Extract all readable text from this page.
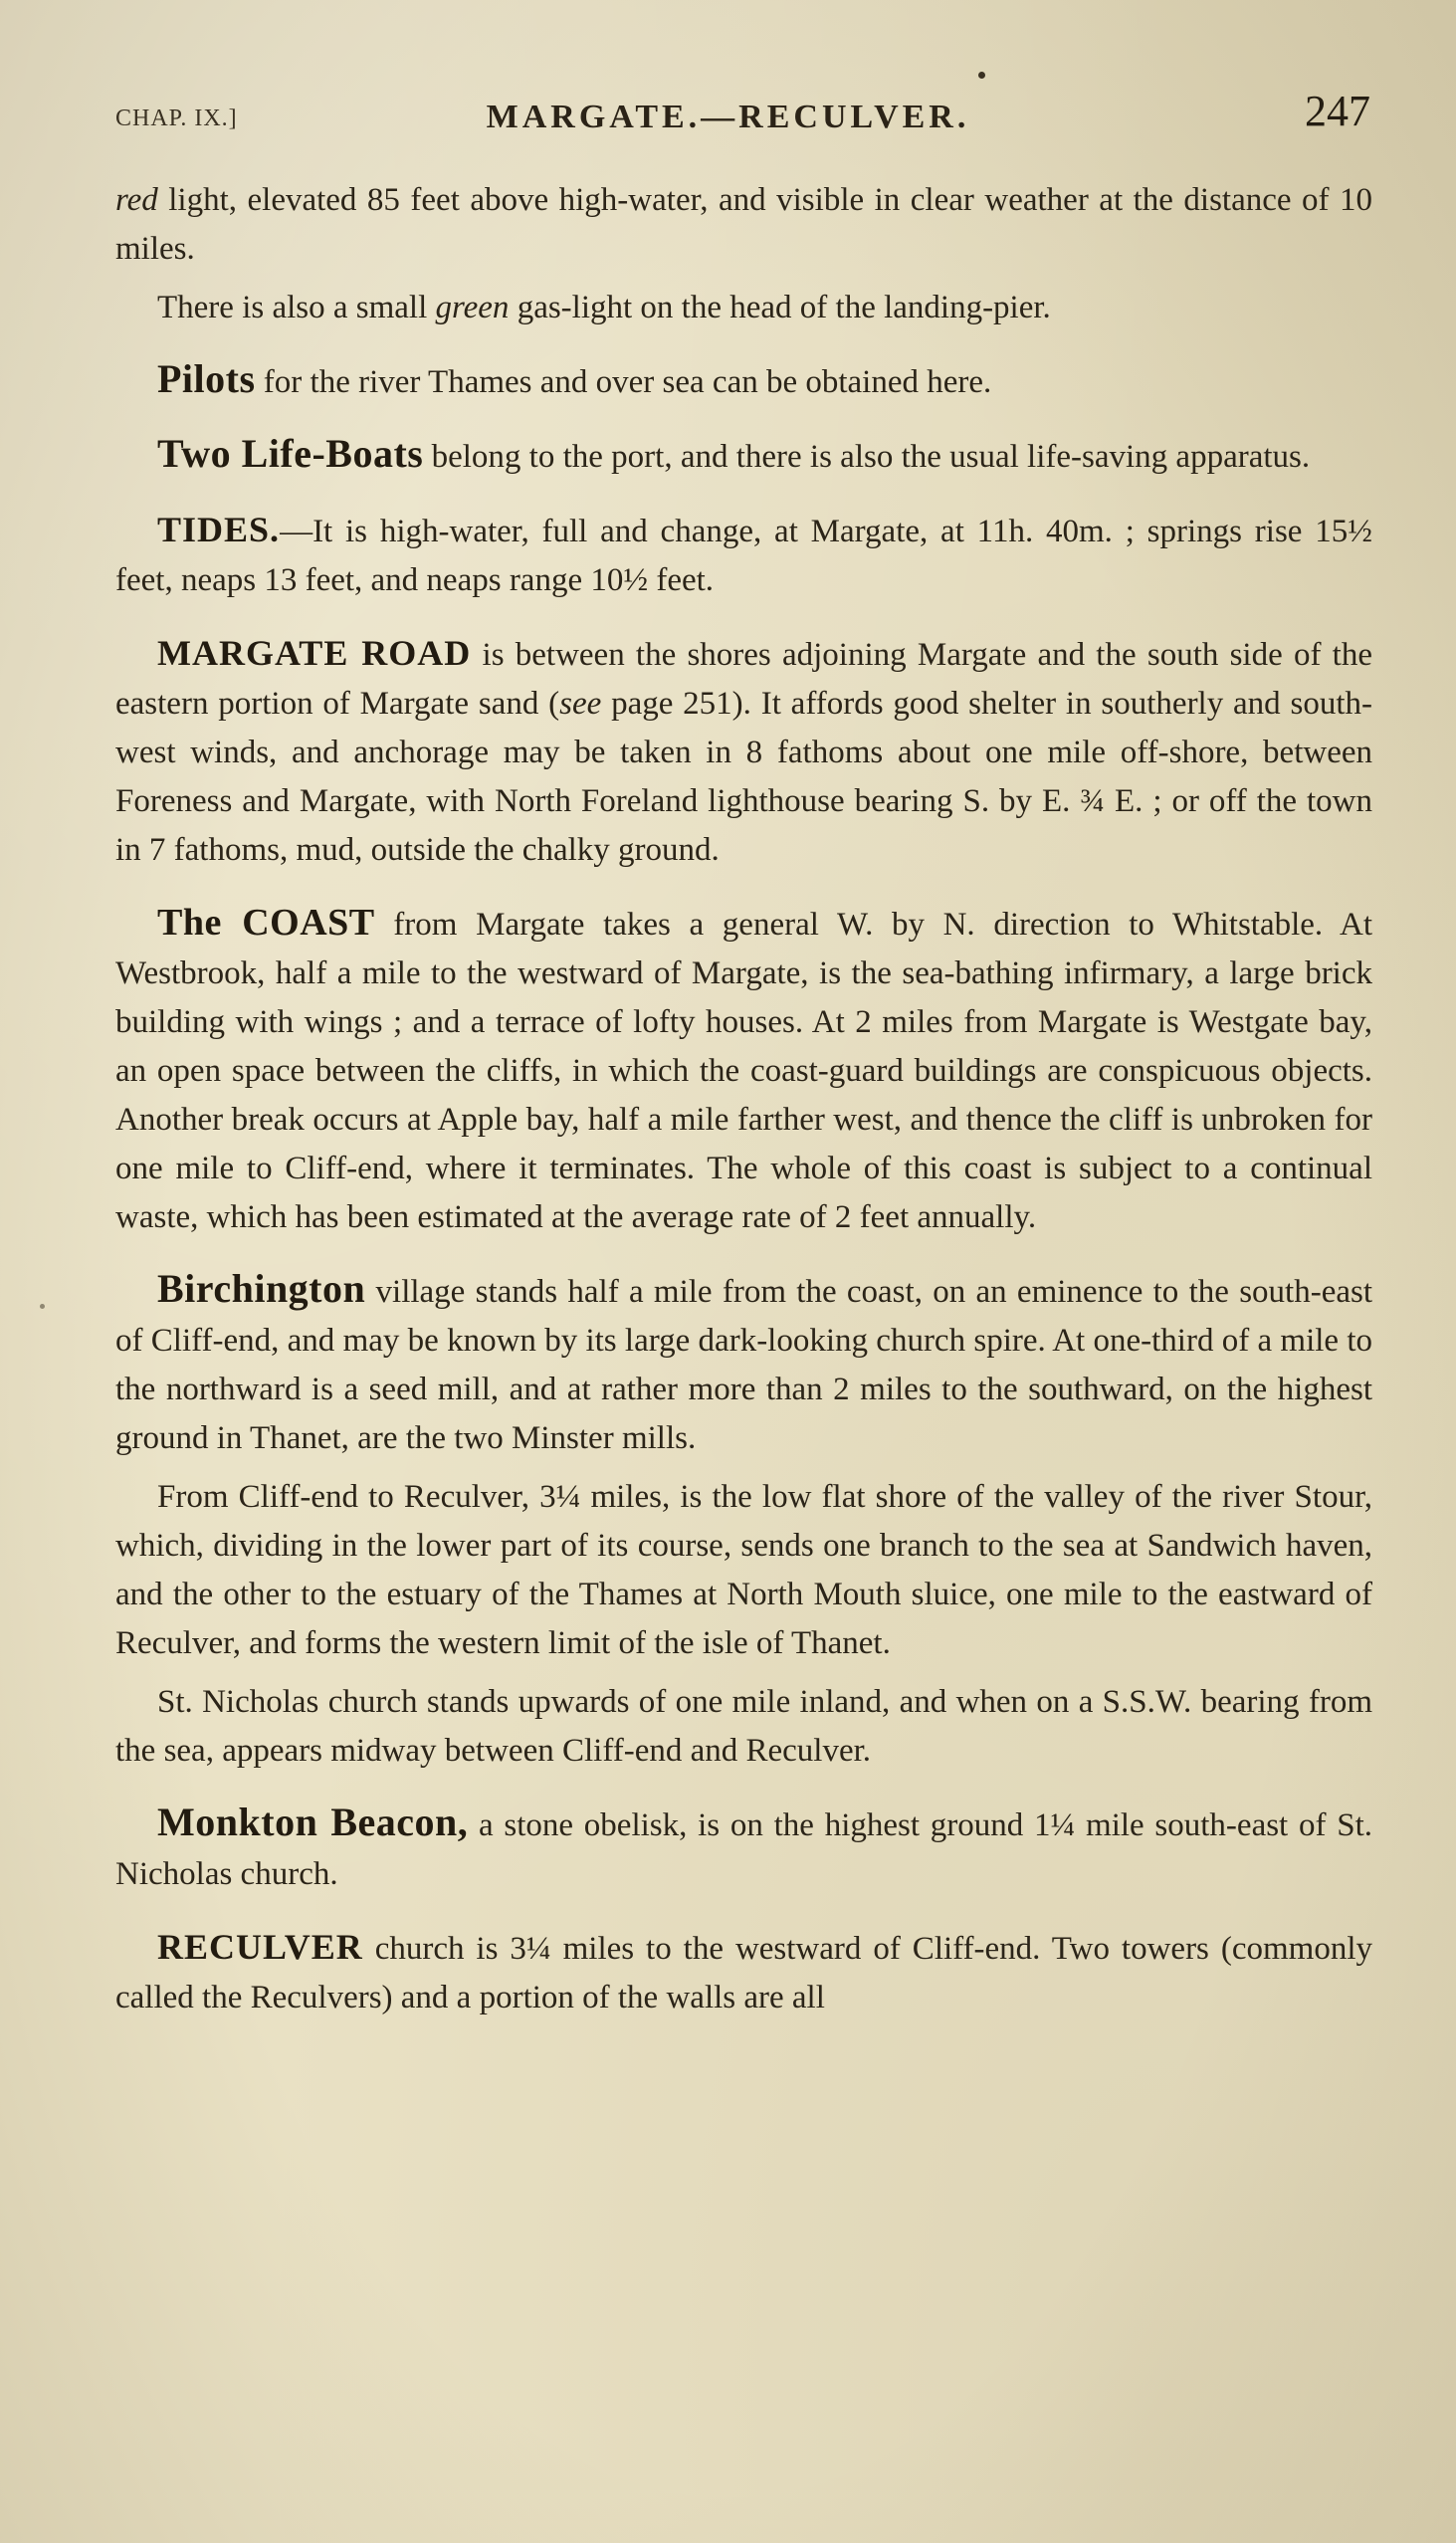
CHAP. IX.]	MARGATE.—RECULVER.	247

red light, elevated 85 feet above high-water, and visible in clear weather at the distance of 10 miles.

There is also a small green gas-light on the head of the landing-pier.

Pilots for the river Thames and over sea can be obtained here.

Two Life-Boats belong to the port, and there is also the usual life-saving apparatus.

TIDES.—It is high-water, full and change, at Margate, at 11h. 40m. ; springs rise 15½ feet, neaps 13 feet, and neaps range 10½ feet.

MARGATE ROAD is between the shores adjoining Margate and the south side of the eastern portion of Margate sand (see page 251). It affords good shelter in southerly and south-west winds, and anchorage may be taken in 8 fathoms about one mile off-shore, between Foreness and Margate, with North Foreland lighthouse bearing S. by E. ¾ E. ; or off the town in 7 fathoms, mud, outside the chalky ground.

The COAST from Margate takes a general W. by N. direction to Whitstable. At Westbrook, half a mile to the westward of Margate, is the sea-bathing infirmary, a large brick building with wings ; and a terrace of lofty houses. At 2 miles from Margate is Westgate bay, an open space between the cliffs, in which the coast-guard buildings are conspicuous objects. Another break occurs at Apple bay, half a mile farther west, and thence the cliff is unbroken for one mile to Cliff-end, where it terminates. The whole of this coast is subject to a continual waste, which has been estimated at the average rate of 2 feet annually.

Birchington village stands half a mile from the coast, on an eminence to the south-east of Cliff-end, and may be known by its large dark-looking church spire. At one-third of a mile to the northward is a seed mill, and at rather more than 2 miles to the southward, on the highest ground in Thanet, are the two Minster mills.

From Cliff-end to Reculver, 3¼ miles, is the low flat shore of the valley of the river Stour, which, dividing in the lower part of its course, sends one branch to the sea at Sandwich haven, and the other to the estuary of the Thames at North Mouth sluice, one mile to the eastward of Reculver, and forms the western limit of the isle of Thanet.

St. Nicholas church stands upwards of one mile inland, and when on a S.S.W. bearing from the sea, appears midway between Cliff-end and Reculver.

Monkton Beacon, a stone obelisk, is on the highest ground 1¼ mile south-east of St. Nicholas church.

RECULVER church is 3¼ miles to the westward of Cliff-end. Two towers (commonly called the Reculvers) and a portion of the walls are all
